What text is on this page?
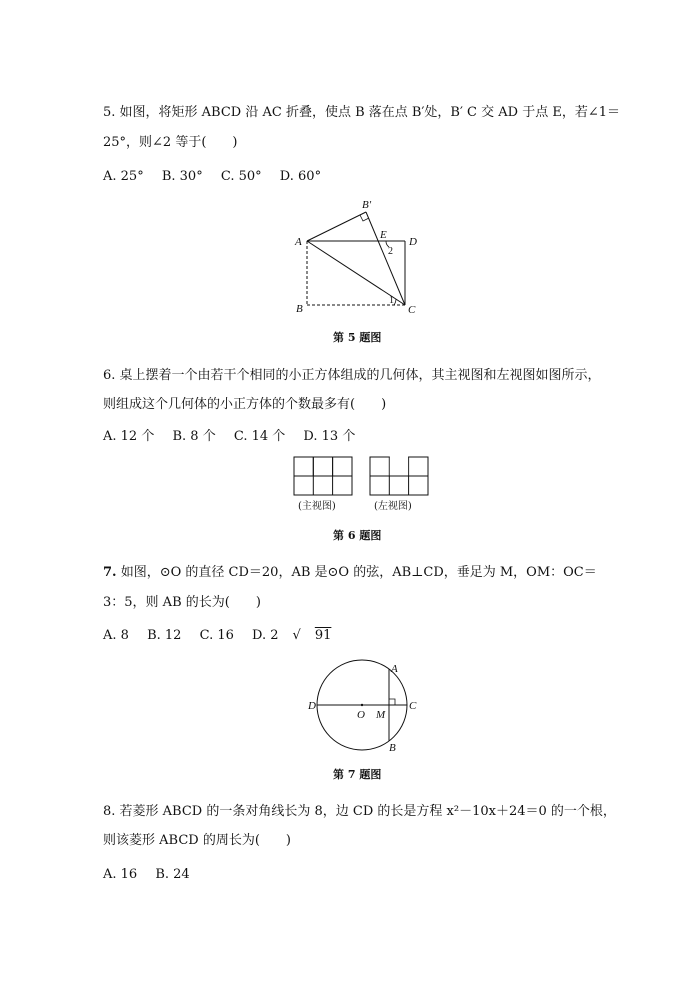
5. 如图，将矩形 ABCD 沿 AC 折叠，使点 B 落在点 B′处，B′ C 交 AD 于点 E，若∠1＝
25°，则∠2 等于(　　)
A. 25° B. 30° C. 50° D. 60°
B′
A
E
D
2
B
1
C
第 5 题图
6. 桌上摆着一个由若干个相同的小正方体组成的几何体，其主视图和左视图如图所示，
则组成这个几何体的小正方体的个数最多有(　　)
A. 12 个 B. 8 个 C. 14 个 D. 13 个
(主视图)	(左视图)
第 6 题图
7. 如图，⊙O 的直径 CD＝20，AB 是⊙O 的弦，AB⊥CD，垂足为 M，OM：OC＝
3：5，则 AB 的长为(　　)
A. 8 B. 12 C. 16 D. 2 √ 91
A
D
O M
C
B
第 7 题图
8. 若菱形 ABCD 的一条对角线长为 8，边 CD 的长是方程 x²－10x＋24＝0 的一个根，
则该菱形 ABCD 的周长为(　　)
A. 16 B. 24
